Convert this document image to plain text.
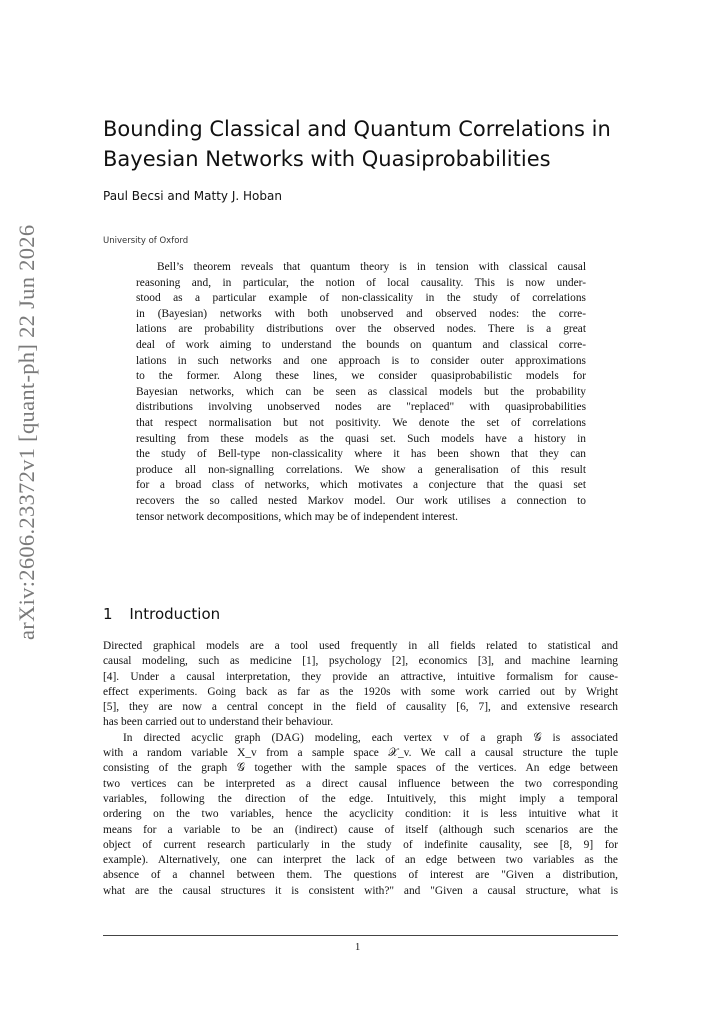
arXiv:2606.23372v1 [quant-ph] 22 Jun 2026
Bounding Classical and Quantum Correlations in
Bayesian Networks with Quasiprobabilities
Paul Becsi and Matty J. Hoban
University of Oxford
Bell’s theorem reveals that quantum theory is in tension with classical causal
reasoning and, in particular, the notion of local causality. This is now under-
stood as a particular example of non-classicality in the study of correlations
in (Bayesian) networks with both unobserved and observed nodes: the corre-
lations are probability distributions over the observed nodes. There is a great
deal of work aiming to understand the bounds on quantum and classical corre-
lations in such networks and one approach is to consider outer approximations
to the former. Along these lines, we consider quasiprobabilistic models for
Bayesian networks, which can be seen as classical models but the probability
distributions involving unobserved nodes are "replaced" with quasiprobabilities
that respect normalisation but not positivity. We denote the set of correlations
resulting from these models as the quasi set. Such models have a history in
the study of Bell-type non-classicality where it has been shown that they can
produce all non-signalling correlations. We show a generalisation of this result
for a broad class of networks, which motivates a conjecture that the quasi set
recovers the so called nested Markov model. Our work utilises a connection to
tensor network decompositions, which may be of independent interest.
1 Introduction
Directed graphical models are a tool used frequently in all fields related to statistical and
causal modeling, such as medicine [1], psychology [2], economics [3], and machine learning
[4]. Under a causal interpretation, they provide an attractive, intuitive formalism for cause-
effect experiments. Going back as far as the 1920s with some work carried out by Wright
[5], they are now a central concept in the field of causality [6, 7], and extensive research
has been carried out to understand their behaviour.
In directed acyclic graph (DAG) modeling, each vertex v of a graph 𝒢 is associated
with a random variable X_v from a sample space 𝒳_v. We call a causal structure the tuple
consisting of the graph 𝒢 together with the sample spaces of the vertices. An edge between
two vertices can be interpreted as a direct causal influence between the two corresponding
variables, following the direction of the edge. Intuitively, this might imply a temporal
ordering on the two variables, hence the acyclicity condition: it is less intuitive what it
means for a variable to be an (indirect) cause of itself (although such scenarios are the
object of current research particularly in the study of indefinite causality, see [8, 9] for
example). Alternatively, one can interpret the lack of an edge between two variables as the
absence of a channel between them. The questions of interest are "Given a distribution,
what are the causal structures it is consistent with?" and "Given a causal structure, what is
1
